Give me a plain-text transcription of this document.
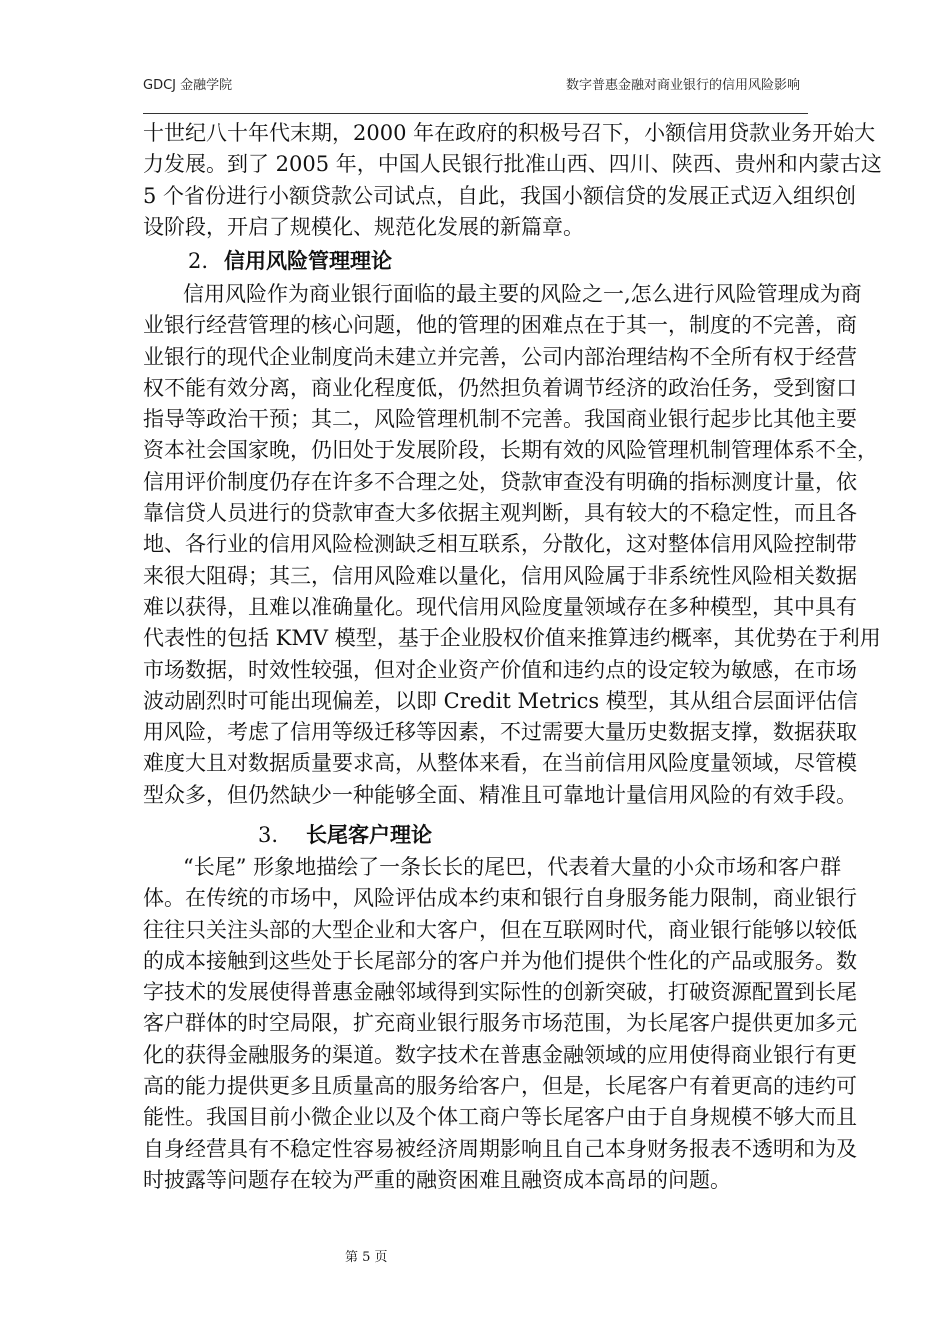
GDCJ 金融学院	数字普惠金融对商业银行的信用风险影响
十世纪八十年代末期，2000 年在政府的积极号召下，小额信用贷款业务开始大
力发展。到了 2005 年，中国人民银行批准山西、四川、陕西、贵州和内蒙古这
5 个省份进行小额贷款公司试点，自此，我国小额信贷的发展正式迈入组织创
设阶段，开启了规模化、规范化发展的新篇章。
2. 信用风险管理理论
信用风险作为商业银行面临的最主要的风险之一,怎么进行风险管理成为商
业银行经营管理的核心问题，他的管理的困难点在于其一，制度的不完善，商
业银行的现代企业制度尚未建立并完善，公司内部治理结构不全所有权于经营
权不能有效分离，商业化程度低，仍然担负着调节经济的政治任务，受到窗口
指导等政治干预；其二，风险管理机制不完善。我国商业银行起步比其他主要
资本社会国家晚，仍旧处于发展阶段，长期有效的风险管理机制管理体系不全，
信用评价制度仍存在许多不合理之处，贷款审查没有明确的指标测度计量，依
靠信贷人员进行的贷款审查大多依据主观判断，具有较大的不稳定性，而且各
地、各行业的信用风险检测缺乏相互联系，分散化，这对整体信用风险控制带
来很大阻碍；其三，信用风险难以量化，信用风险属于非系统性风险相关数据
难以获得，且难以准确量化。现代信用风险度量领域存在多种模型，其中具有
代表性的包括 KMV 模型，基于企业股权价值来推算违约概率，其优势在于利用
市场数据，时效性较强，但对企业资产价值和违约点的设定较为敏感，在市场
波动剧烈时可能出现偏差，以即 Credit Metrics 模型，其从组合层面评估信
用风险，考虑了信用等级迁移等因素，不过需要大量历史数据支撑，数据获取
难度大且对数据质量要求高，从整体来看，在当前信用风险度量领域，尽管模
型众多，但仍然缺少一种能够全面、精准且可靠地计量信用风险的有效手段。
3. 长尾客户理论
“长尾” 形象地描绘了一条长长的尾巴，代表着大量的小众市场和客户群
体。在传统的市场中，风险评估成本约束和银行自身服务能力限制，商业银行
往往只关注头部的大型企业和大客户，但在互联网时代，商业银行能够以较低
的成本接触到这些处于长尾部分的客户并为他们提供个性化的产品或服务。数
字技术的发展使得普惠金融邻域得到实际性的创新突破，打破资源配置到长尾
客户群体的时空局限，扩充商业银行服务市场范围，为长尾客户提供更加多元
化的获得金融服务的渠道。数字技术在普惠金融领域的应用使得商业银行有更
高的能力提供更多且质量高的服务给客户，但是，长尾客户有着更高的违约可
能性。我国目前小微企业以及个体工商户等长尾客户由于自身规模不够大而且
自身经营具有不稳定性容易被经济周期影响且自己本身财务报表不透明和为及
时披露等问题存在较为严重的融资困难且融资成本高昂的问题。
第 5 页
